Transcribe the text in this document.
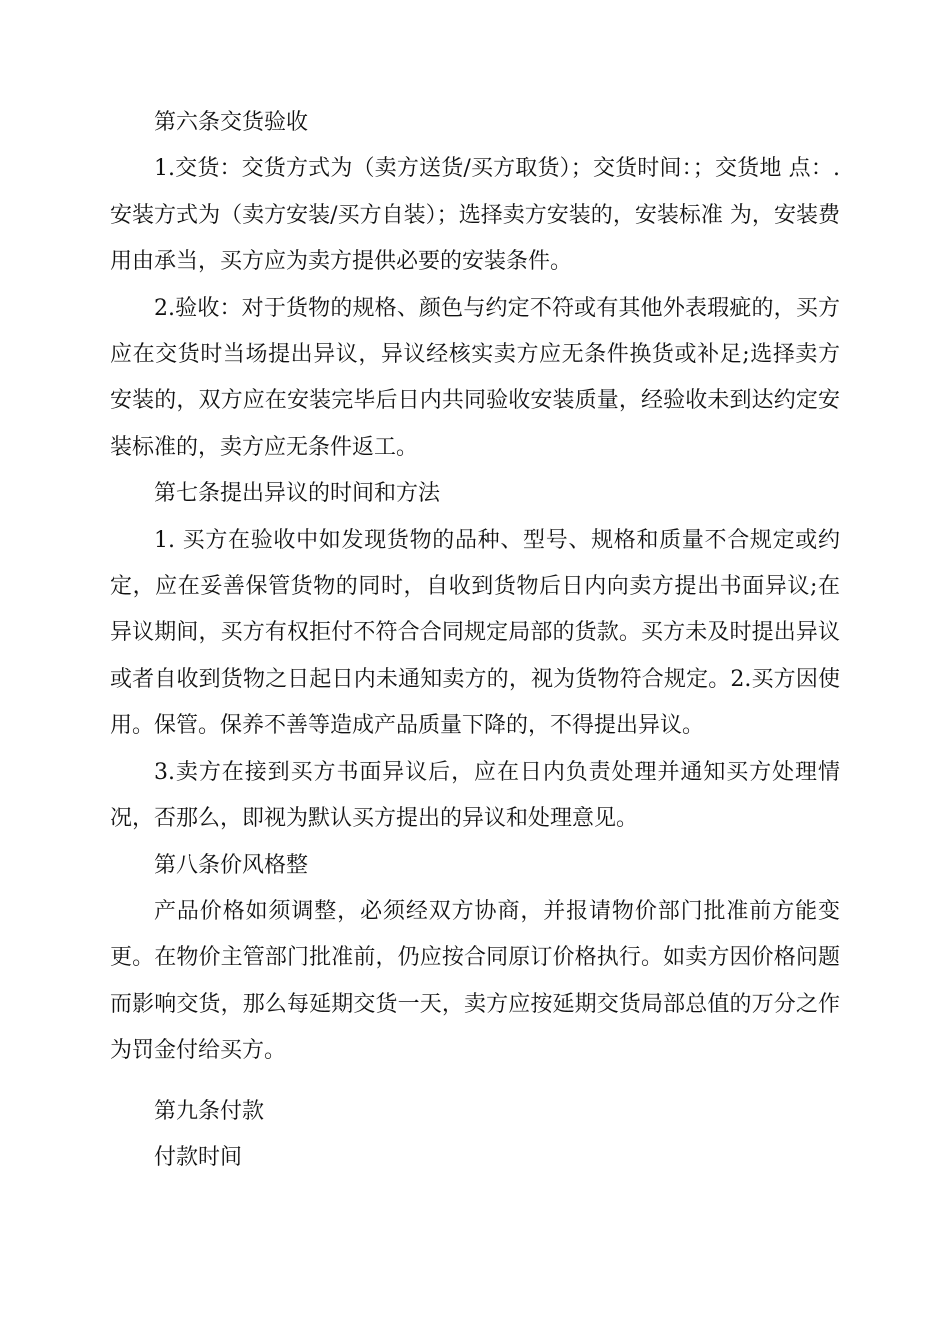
第六条交货验收

1.交货：交货方式为（卖方送货/买方取货）；交货时间：；交货地 点：.安装方式为（卖方安装/买方自装）；选择卖方安装的，安装标准 为，安装费用由承当，买方应为卖方提供必要的安装条件。

2.验收：对于货物的规格、颜色与约定不符或有其他外表瑕疵的，买方应在交货时当场提出异议，异议经核实卖方应无条件换货或补足;选择卖方安装的，双方应在安装完毕后日内共同验收安装质量，经验收未到达约定安装标准的，卖方应无条件返工。

第七条提出异议的时间和方法

1. 买方在验收中如发现货物的品种、型号、规格和质量不合规定或约定，应在妥善保管货物的同时，自收到货物后日内向卖方提出书面异议;在异议期间，买方有权拒付不符合合同规定局部的货款。买方未及时提出异议或者自收到货物之日起日内未通知卖方的，视为货物符合规定。2.买方因使用。保管。保养不善等造成产品质量下降的，不得提出异议。

3.卖方在接到买方书面异议后，应在日内负责处理并通知买方处理情况，否那么，即视为默认买方提出的异议和处理意见。

第八条价风格整

产品价格如须调整，必须经双方协商，并报请物价部门批准前方能变更。在物价主管部门批准前，仍应按合同原订价格执行。如卖方因价格问题而影响交货，那么每延期交货一天，卖方应按延期交货局部总值的万分之作为罚金付给买方。

第九条付款

付款时间
